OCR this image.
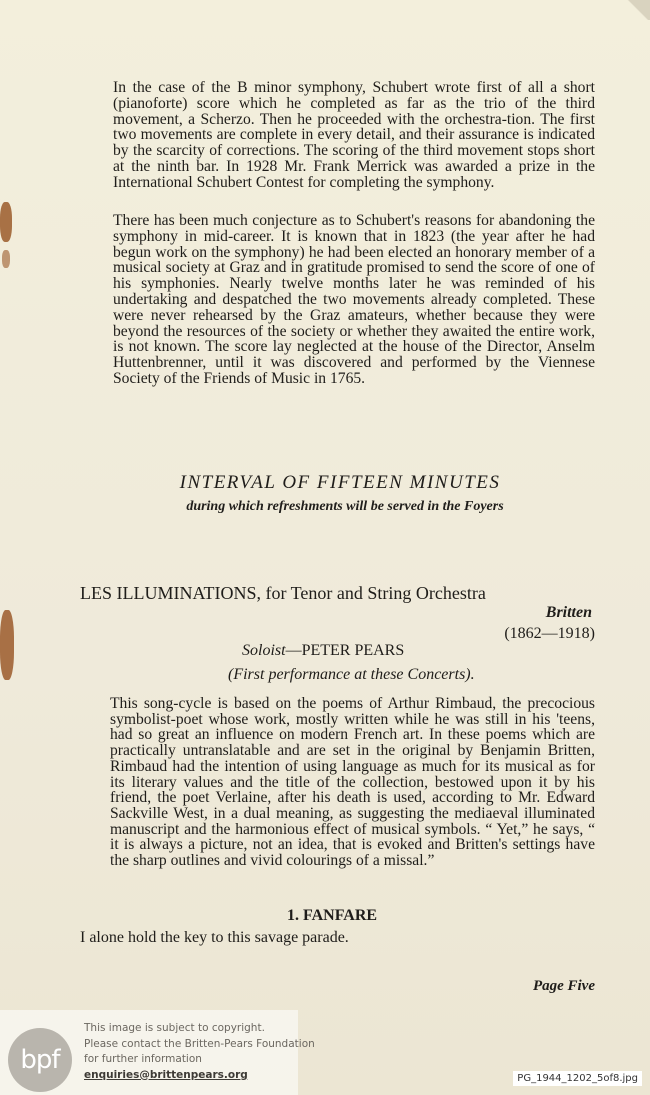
In the case of the B minor symphony, Schubert wrote first of all a short (pianoforte) score which he completed as far as the trio of the third movement, a Scherzo. Then he proceeded with the orchestra-tion. The first two movements are complete in every detail, and their assurance is indicated by the scarcity of corrections. The scoring of the third movement stops short at the ninth bar. In 1928 Mr. Frank Merrick was awarded a prize in the International Schubert Contest for completing the symphony.

There has been much conjecture as to Schubert's reasons for abandoning the symphony in mid-career. It is known that in 1823 (the year after he had begun work on the symphony) he had been elected an honorary member of a musical society at Graz and in gratitude promised to send the score of one of his symphonies. Nearly twelve months later he was reminded of his undertaking and despatched the two movements already completed. These were never rehearsed by the Graz amateurs, whether because they were beyond the resources of the society or whether they awaited the entire work, is not known. The score lay neglected at the house of the Director, Anselm Huttenbrenner, until it was discovered and performed by the Viennese Society of the Friends of Music in 1765.

INTERVAL OF FIFTEEN MINUTES

during which refreshments will be served in the Foyers

LES ILLUMINATIONS, for Tenor and String Orchestra

Britten
(1862—1918)
Soloist—PETER PEARS
(First performance at these Concerts).

This song-cycle is based on the poems of Arthur Rimbaud, the precocious symbolist-poet whose work, mostly written while he was still in his 'teens, had so great an influence on modern French art. In these poems which are practically untranslatable and are set in the original by Benjamin Britten, Rimbaud had the intention of using language as much for its musical as for its literary values and the title of the collection, bestowed upon it by his friend, the poet Verlaine, after his death is used, according to Mr. Edward Sackville West, in a dual meaning, as suggesting the mediaeval illuminated manuscript and the harmonious effect of musical symbols. “ Yet,” he says, “ it is always a picture, not an idea, that is evoked and Britten's settings have the sharp outlines and vivid colourings of a missal.”

1. FANFARE

I alone hold the key to this savage parade.

Page Five
bpf
This image is subject to copyright.
Please contact the Britten-Pears Foundation
for further information
enquiries@brittenpears.org	PG_1944_1202_5of8.jpg
